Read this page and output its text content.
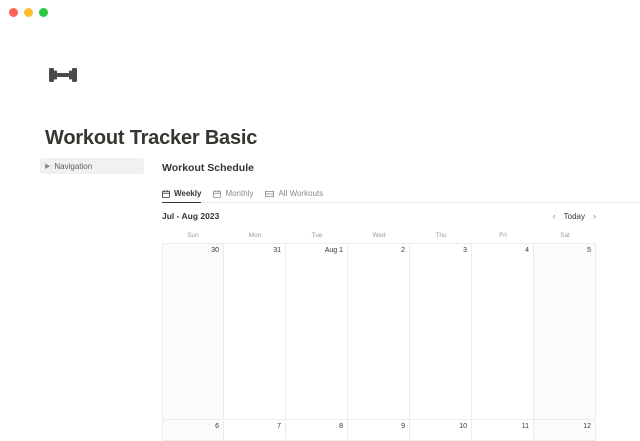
Workout Tracker Basic
▶ Navigation	Workout Schedule
Weekly	Monthly	All Workouts
Jul - Aug 2023	‹ Today ›
Sun	Mon	Tue	Wed	Thu	Fri	Sat
30	31	Aug 1	2	3	4	5
6	7	8	9	10	11	12
